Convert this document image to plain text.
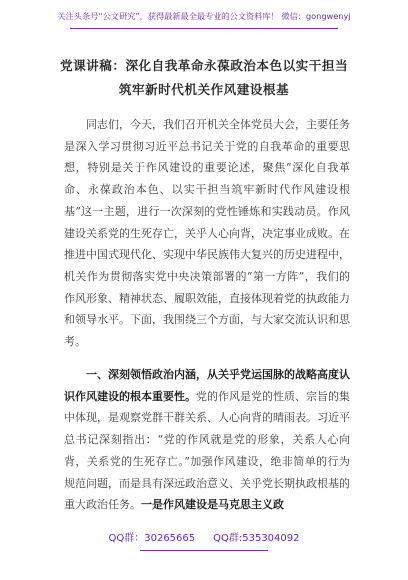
关注头条号“公文研究”，获得最新最全最专业的公文资料库！ 微信：gongwenyj
党课讲稿：深化自我革命永葆政治本色以实干担当筑牢新时代机关作风建设根基
同志们，今天，我们召开机关全体党员大会，主要任务是深入学习贯彻习近平总书记关于党的自我革命的重要思想，特别是关于作风建设的重要论述，聚焦“深化自我革命、永葆政治本色、以实干担当筑牢新时代作风建设根基”这一主题，进行一次深刻的党性锤炼和实践动员。作风建设关系党的生死存亡，关乎人心向背，决定事业成败。在推进中国式现代化、实现中华民族伟大复兴的历史进程中，机关作为贯彻落实党中央决策部署的“第一方阵”，我们的作风形象、精神状态、履职效能，直接体现着党的执政能力和领导水平。下面，我围绕三个方面，与大家交流认识和思考。
一、深刻领悟政治内涵，从关乎党运国脉的战略高度认识作风建设的根本重要性。党的作风是党的性质、宗旨的集中体现，是观察党群干群关系、人心向背的晴雨表。习近平总书记深刻指出：“党的作风就是党的形象，关系人心向背，关系党的生死存亡。”加强作风建设，绝非简单的行为规范问题，而是具有深远政治意义、关乎党长期执政根基的重大政治任务。一是作风建设是马克思主义政
QQ群：30265665 QQ群:535304092
